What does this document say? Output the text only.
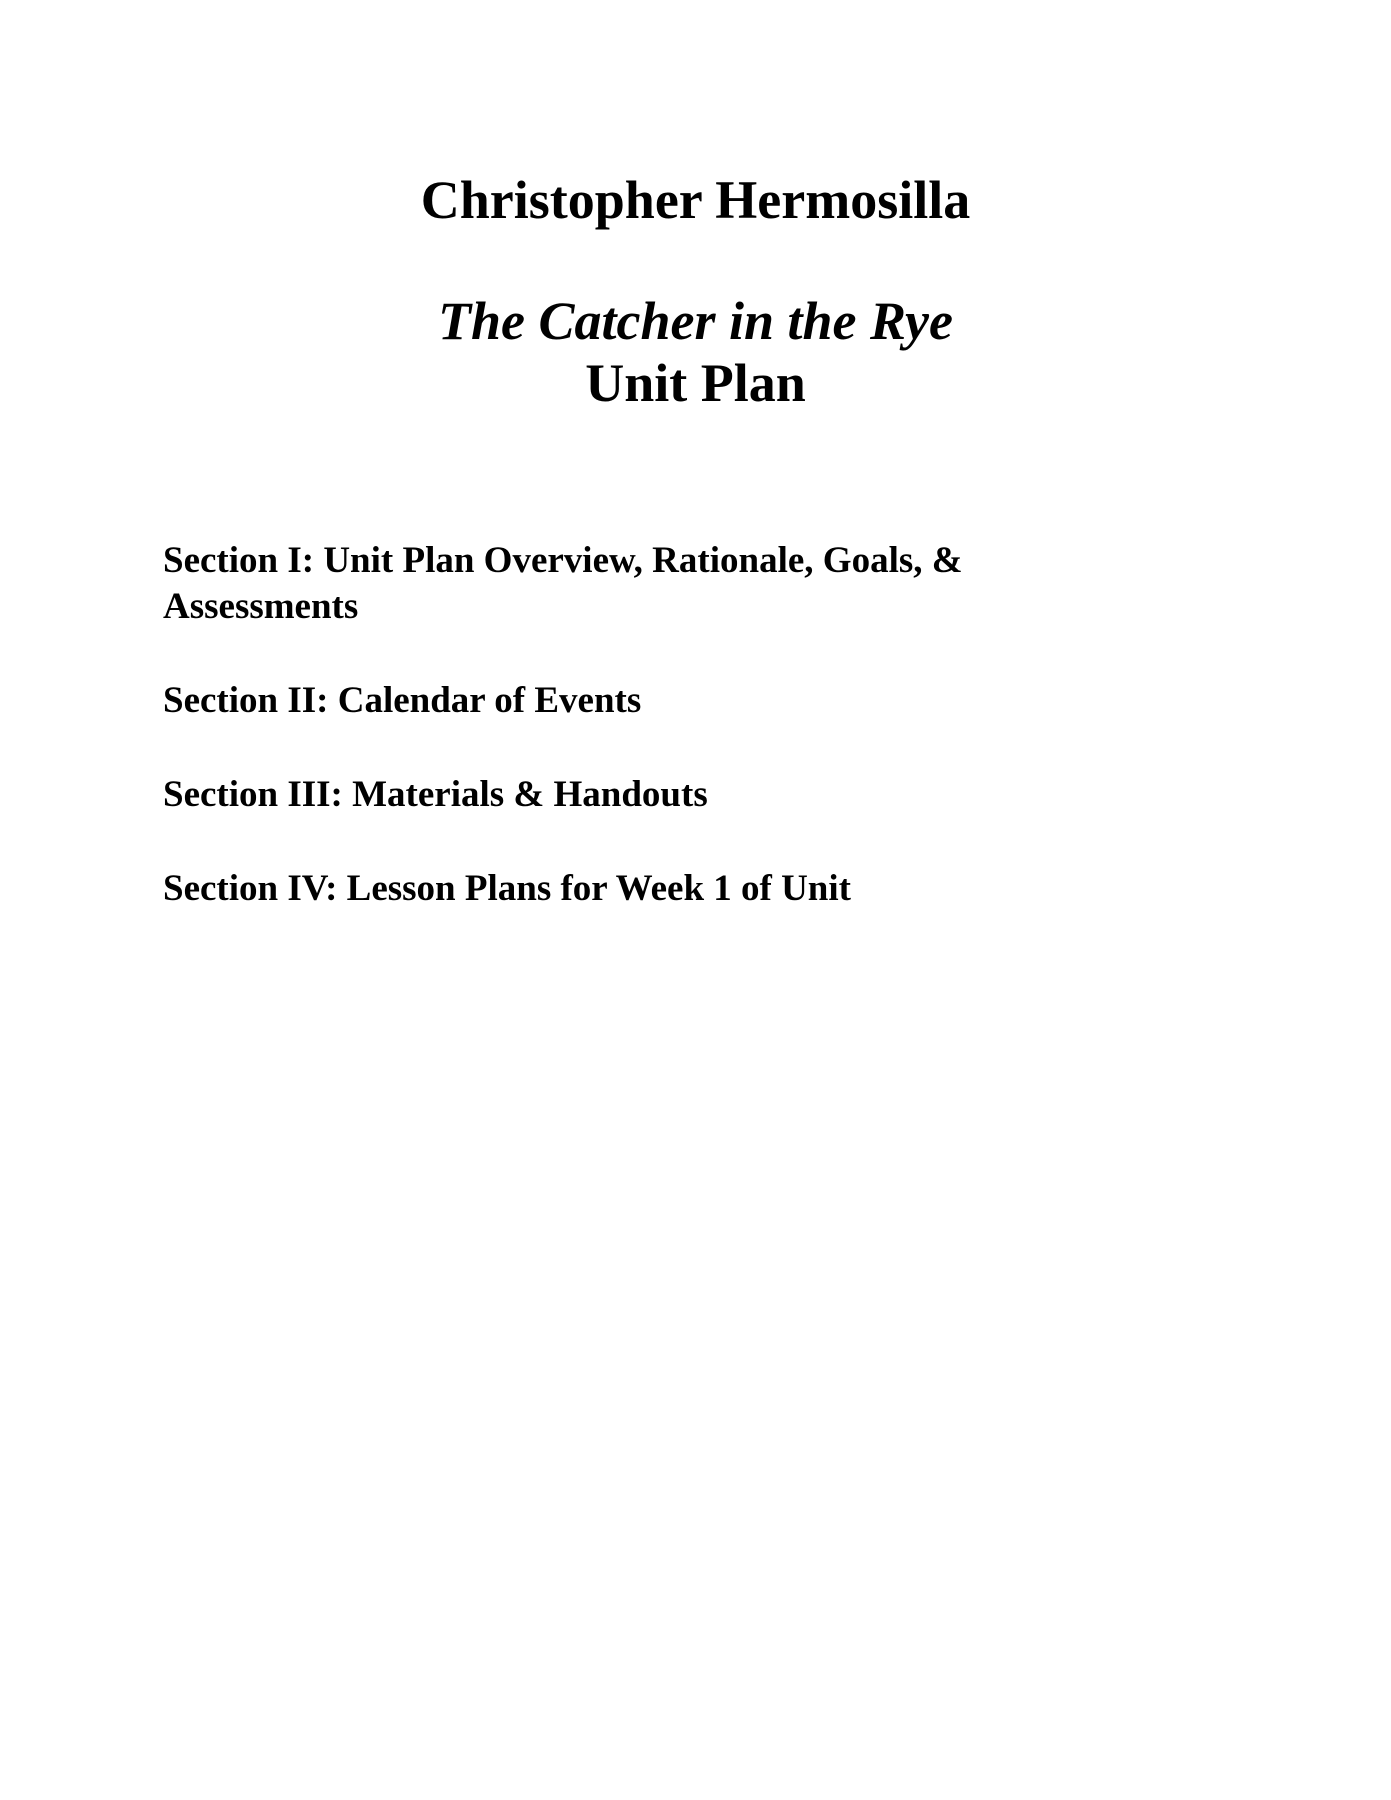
Christopher Hermosilla
The Catcher in the Rye
Unit Plan
Section I: Unit Plan Overview, Rationale, Goals, & Assessments
Section II: Calendar of Events
Section III: Materials & Handouts
Section IV: Lesson Plans for Week 1 of Unit
